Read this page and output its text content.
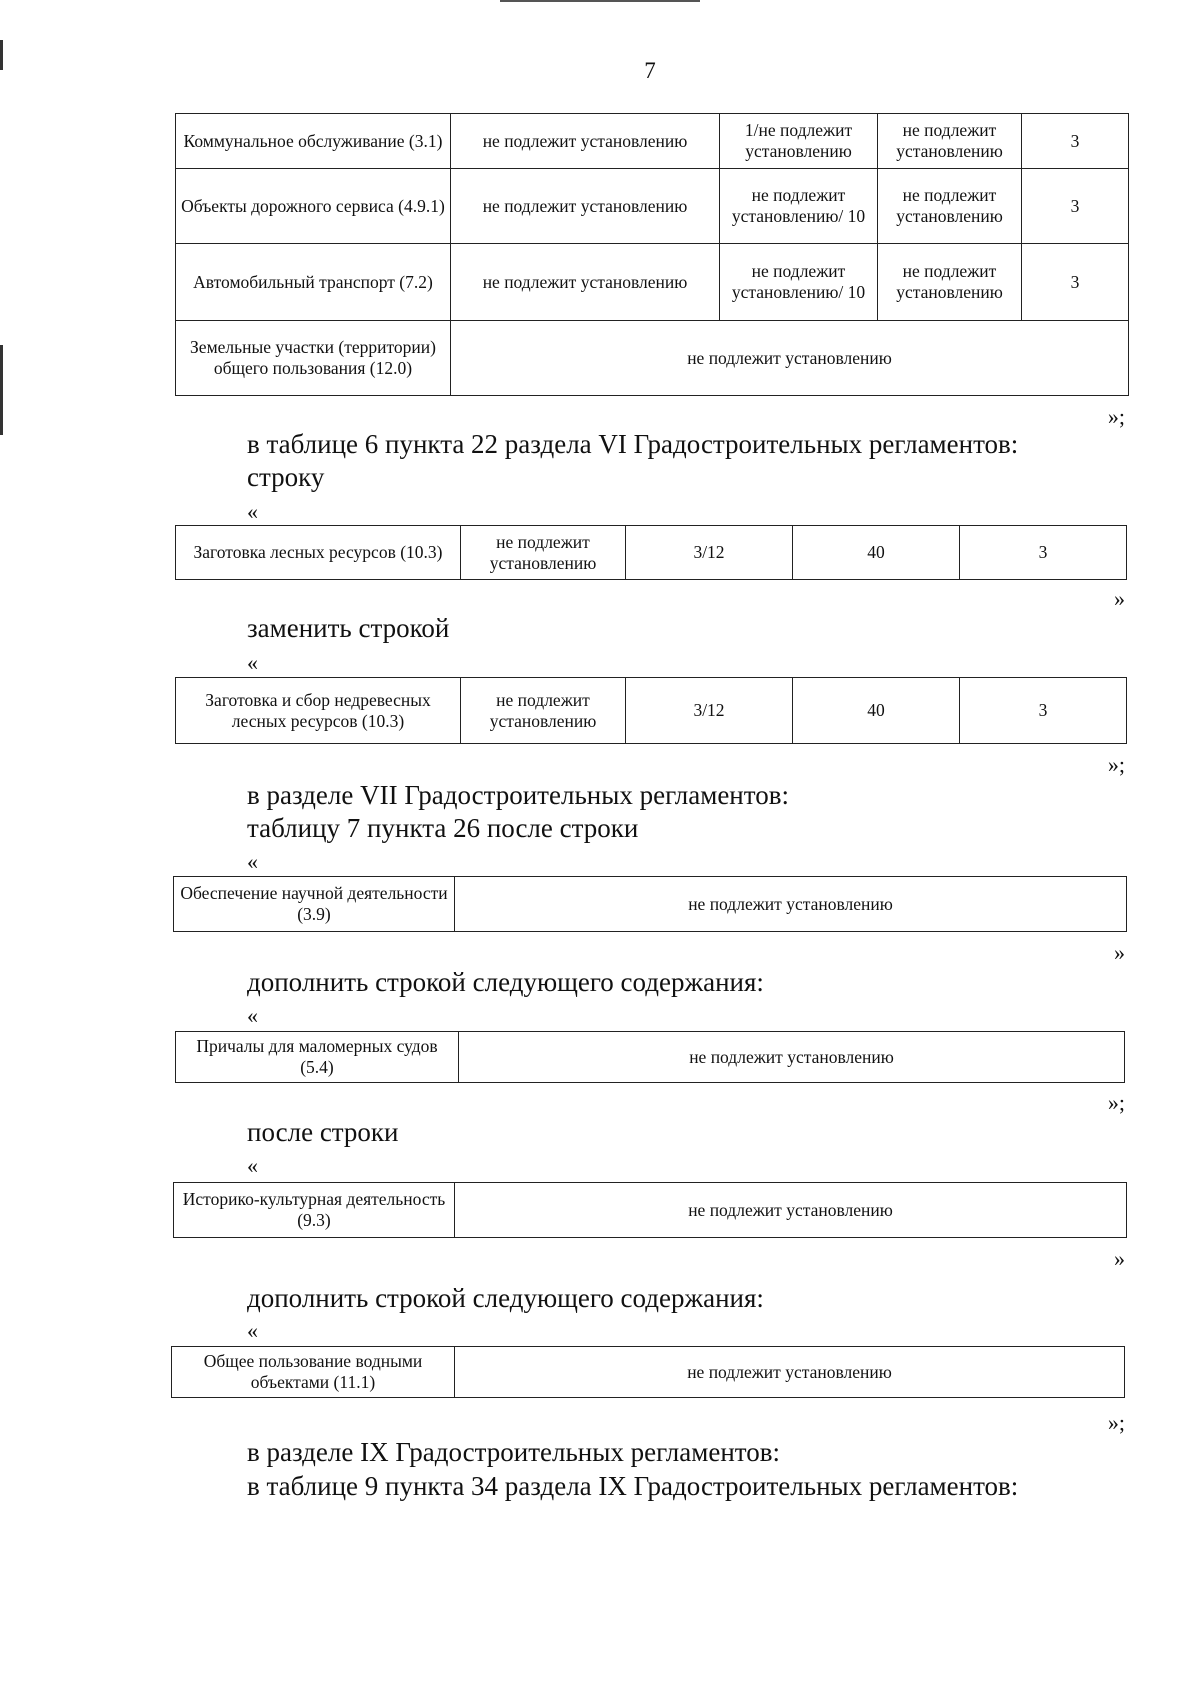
7
Коммунальное обслуживание (3.1)	не подлежит установлению	1/не подлежит установлению	не подлежит установлению	3
Объекты дорожного сервиса (4.9.1)	не подлежит установлению	не подлежит установлению/ 10	не подлежит установлению	3
Автомобильный транспорт (7.2)	не подлежит установлению	не подлежит установлению/ 10	не подлежит установлению	3
Земельные участки (территории) общего пользования (12.0)	не подлежит установлению			
»;
в таблице 6 пункта 22 раздела VI Градостроительных регламентов:
строку
«
Заготовка лесных ресурсов (10.3)	не подлежит установлению	3/12	40	3
»
заменить строкой
«
Заготовка и сбор недревесных лесных ресурсов (10.3)	не подлежит установлению	3/12	40	3
»;
в разделе VII Градостроительных регламентов:
таблицу 7 пункта 26 после строки
«
Обеспечение научной деятельности (3.9)	не подлежит установлению
»
дополнить строкой следующего содержания:
«
Причалы для маломерных судов (5.4)	не подлежит установлению
»;
после строки
«
Историко-культурная деятельность (9.3)	не подлежит установлению
»
дополнить строкой следующего содержания:
«
Общее пользование водными объектами (11.1)	не подлежит установлению
»;
в разделе IX Градостроительных регламентов:
в таблице 9 пункта 34 раздела IX Градостроительных регламентов:
